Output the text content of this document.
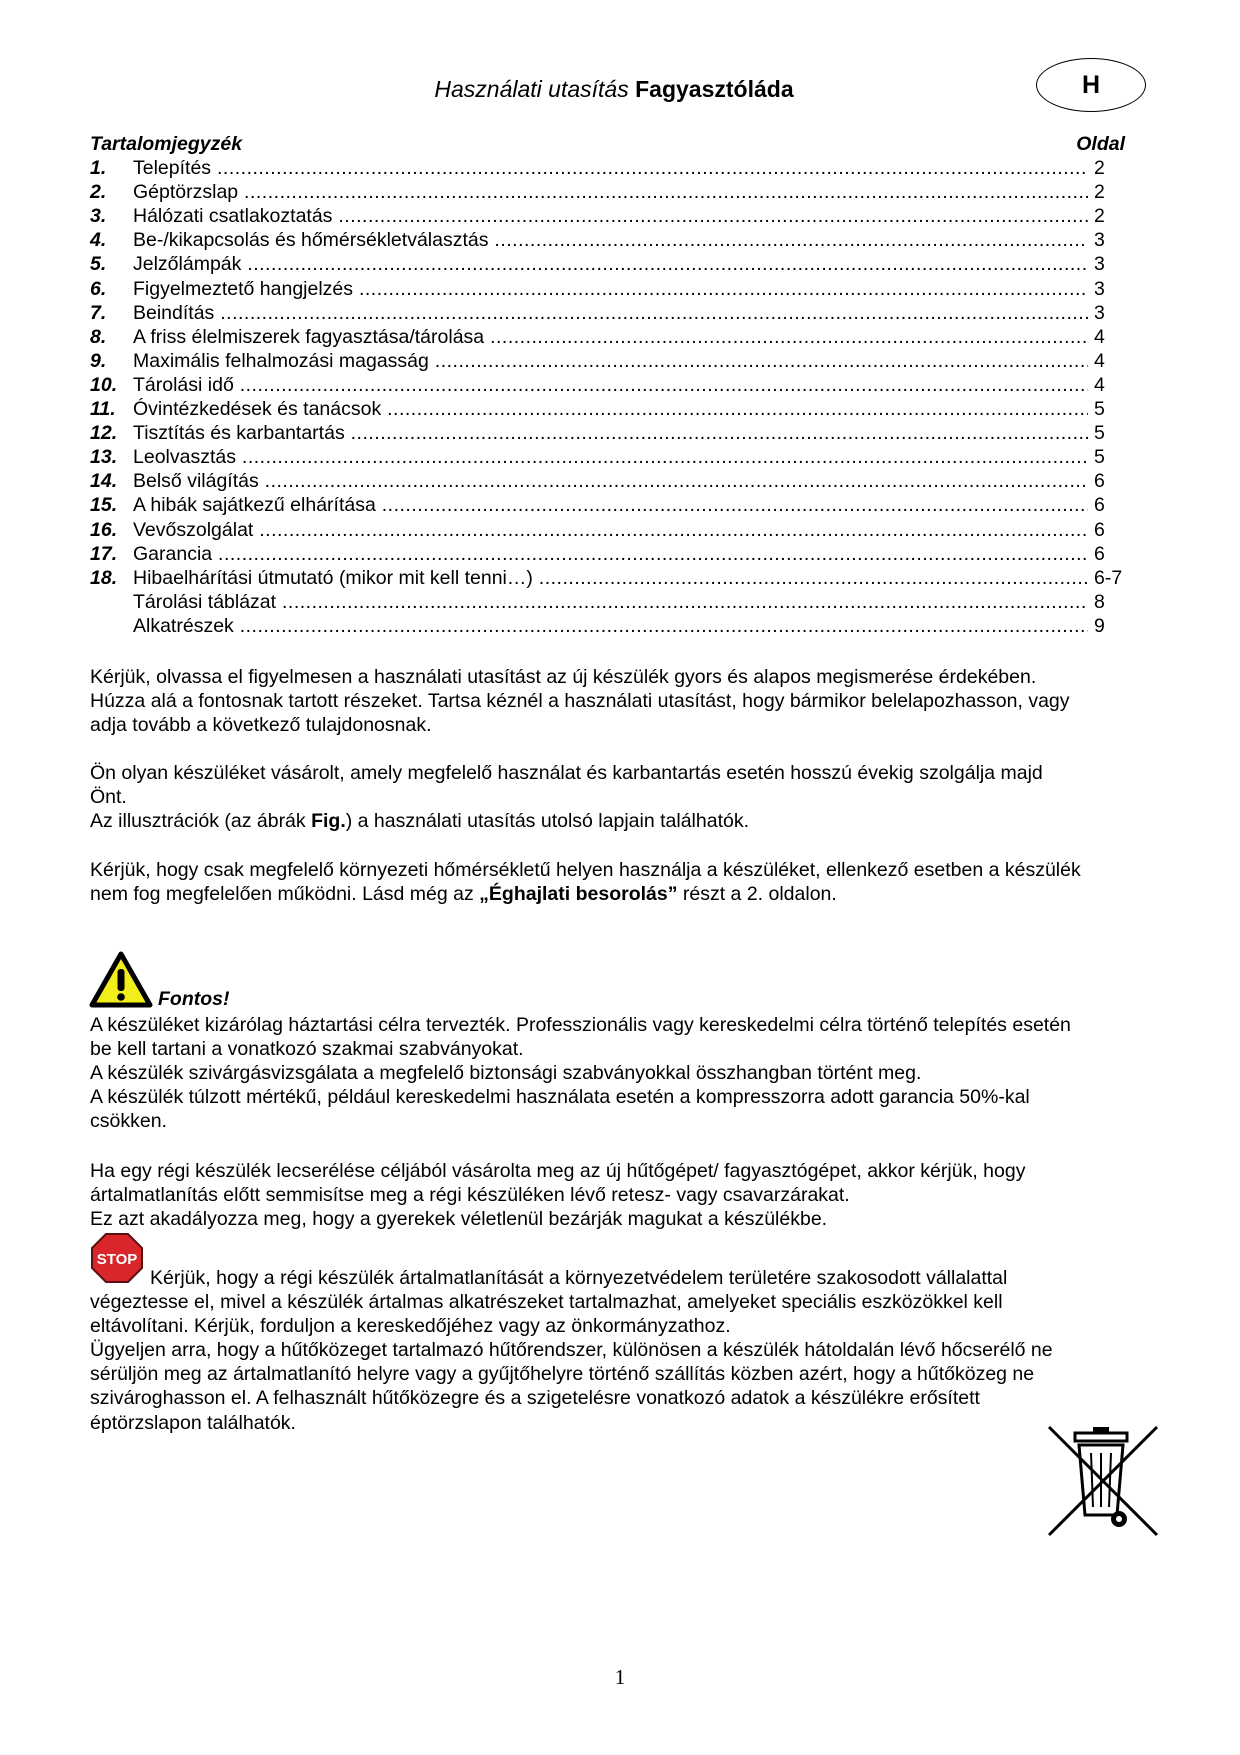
Használati utasítás Fagyasztóláda	H
Tartalomjegyzék	Oldal
1.	Telepítés .....	2
2.	Géptörzslap .....	2
3.	Hálózati csatlakoztatás .....	2
4.	Be-/kikapcsolás és hőmérsékletválasztás .....	3
5.	Jelzőlámpák .....	3
6.	Figyelmeztető hangjelzés .....	3
7.	Beindítás .....	3
8.	A friss élelmiszerek fagyasztása/tárolása .....	4
9.	Maximális felhalmozási magasság .....	4
10. Tárolási idő .....	4
11. Óvintézkedések és tanácsok .....	5
12. Tisztítás és karbantartás .....	5
13. Leolvasztás .....	5
14. Belső világítás .....	6
15. A hibák sajátkezű elhárítása .....	6
16. Vevőszolgálat .....	6
17. Garancia .....	6
18. Hibaelhárítási útmutató (mikor mit kell tenni…) .....	6-7
Tárolási táblázat .....	8
Alkatrészek .....	9
Kérjük, olvassa el figyelmesen a használati utasítást az új készülék gyors és alapos megismerése érdekében.
Húzza alá a fontosnak tartott részeket. Tartsa kéznél a használati utasítást, hogy bármikor belelapozhasson, vagy
adja tovább a következő tulajdonosnak.
Ön olyan készüléket vásárolt, amely megfelelő használat és karbantartás esetén hosszú évekig szolgálja majd
Önt.
Az illusztrációk (az ábrák Fig.) a használati utasítás utolsó lapjain találhatók.
Kérjük, hogy csak megfelelő környezeti hőmérsékletű helyen használja a készüléket, ellenkező esetben a készülék
nem fog megfelelően működni. Lásd még az „Éghajlati besorolás” részt a 2. oldalon.
Fontos!
A készüléket kizárólag háztartási célra tervezték. Professzionális vagy kereskedelmi célra történő telepítés esetén
be kell tartani a vonatkozó szakmai szabványokat.
A készülék szivárgásvizsgálata a megfelelő biztonsági szabványokkal összhangban történt meg.
A készülék túlzott mértékű, például kereskedelmi használata esetén a kompresszorra adott garancia 50%-kal
csökken.
Ha egy régi készülék lecserélése céljából vásárolta meg az új hűtőgépet/ fagyasztógépet, akkor kérjük, hogy
ártalmatlanítás előtt semmisítse meg a régi készüléken lévő retesz- vagy csavarzárakat.
Ez azt akadályozza meg, hogy a gyerekek véletlenül bezárják magukat a készülékbe.
STOP
Kérjük, hogy a régi készülék ártalmatlanítását a környezetvédelem területére szakosodott vállalattal
végeztesse el, mivel a készülék ártalmas alkatrészeket tartalmazhat, amelyeket speciális eszközökkel kell
eltávolítani. Kérjük, forduljon a kereskedőjéhez vagy az önkormányzathoz.
Ügyeljen arra, hogy a hűtőközeget tartalmazó hűtőrendszer, különösen a készülék hátoldalán lévő hőcserélő ne
sérüljön meg az ártalmatlanító helyre vagy a gyűjtőhelyre történő szállítás közben azért, hogy a hűtőközeg ne
szivároghasson el. A felhasznált hűtőközegre és a szigetelésre vonatkozó adatok a készülékre erősített
éptörzslapon találhatók.
1
